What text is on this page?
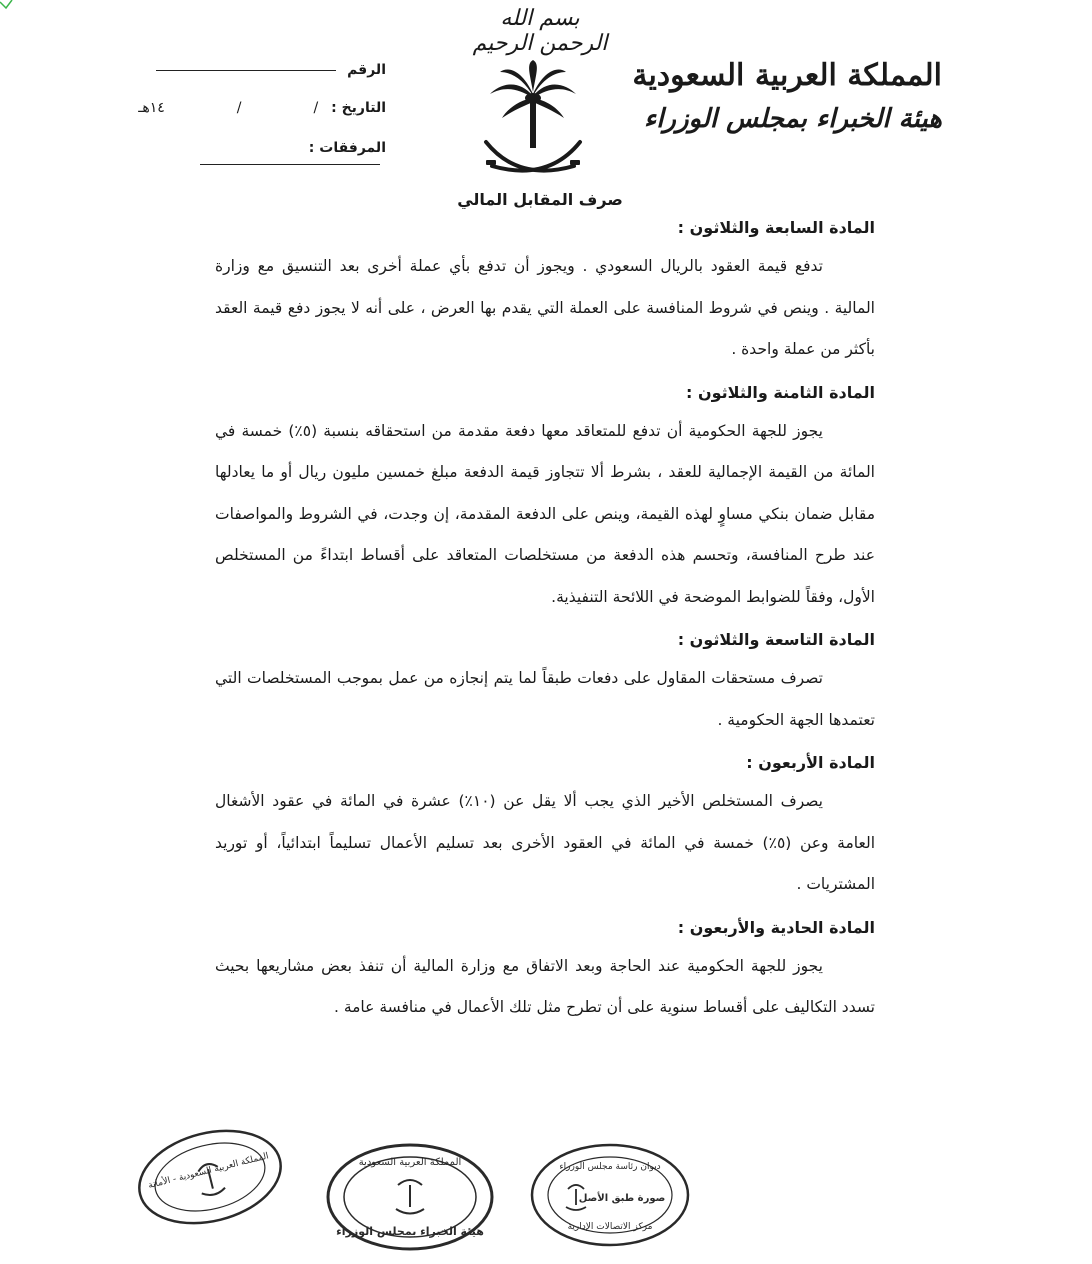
بسم الله الرحمن الرحيم
المملكة العربية السعودية
هيئة الخبراء بمجلس الوزراء
الرقم
التاريخ : / / ١٤هـ
المرفقات :
صرف المقابل المالي

المادة السابعة والثلاثون :

تدفع قيمة العقود بالريال السعودي . ويجوز أن تدفع بأي عملة أخرى بعد التنسيق مع وزارة المالية . وينص في شروط المنافسة على العملة التي يقدم بها العرض ، على أنه لا يجوز دفع قيمة العقد بأكثر من عملة واحدة .

المادة الثامنة والثلاثون :

يجوز للجهة الحكومية أن تدفع للمتعاقد معها دفعة مقدمة من استحقاقه بنسبة (٥٪) خمسة في المائة من القيمة الإجمالية للعقد ، بشرط ألا تتجاوز قيمة الدفعة مبلغ خمسين مليون ريال أو ما يعادلها مقابل ضمان بنكي مساوٍ لهذه القيمة، وينص على الدفعة المقدمة، إن وجدت، في الشروط والمواصفات عند طرح المنافسة، وتحسم هذه الدفعة من مستخلصات المتعاقد على أقساط ابتداءً من المستخلص الأول، وفقاً للضوابط الموضحة في اللائحة التنفيذية.

المادة التاسعة والثلاثون :

تصرف مستحقات المقاول على دفعات طبقاً لما يتم إنجازه من عمل بموجب المستخلصات التي تعتمدها الجهة الحكومية .

المادة الأربعون :

يصرف المستخلص الأخير الذي يجب ألا يقل عن (١٠٪) عشرة في المائة في عقود الأشغال العامة وعن (٥٪) خمسة في المائة في العقود الأخرى بعد تسليم الأعمال تسليماً ابتدائياً، أو توريد المشتريات .

المادة الحادية والأربعون :

يجوز للجهة الحكومية عند الحاجة وبعد الاتفاق مع وزارة المالية أن تنفذ بعض مشاريعها بحيث تسدد التكاليف على أقساط سنوية على أن تطرح مثل تلك الأعمال في منافسة عامة .

المملكة العربية السعودية - الأمانة	المملكة العربية السعودية
هيئة الخبراء بمجلس الوزراء
ديوان رئاسة مجلس الوزراء
صورة طبق الأصل
مركز الاتصالات الإدارية
